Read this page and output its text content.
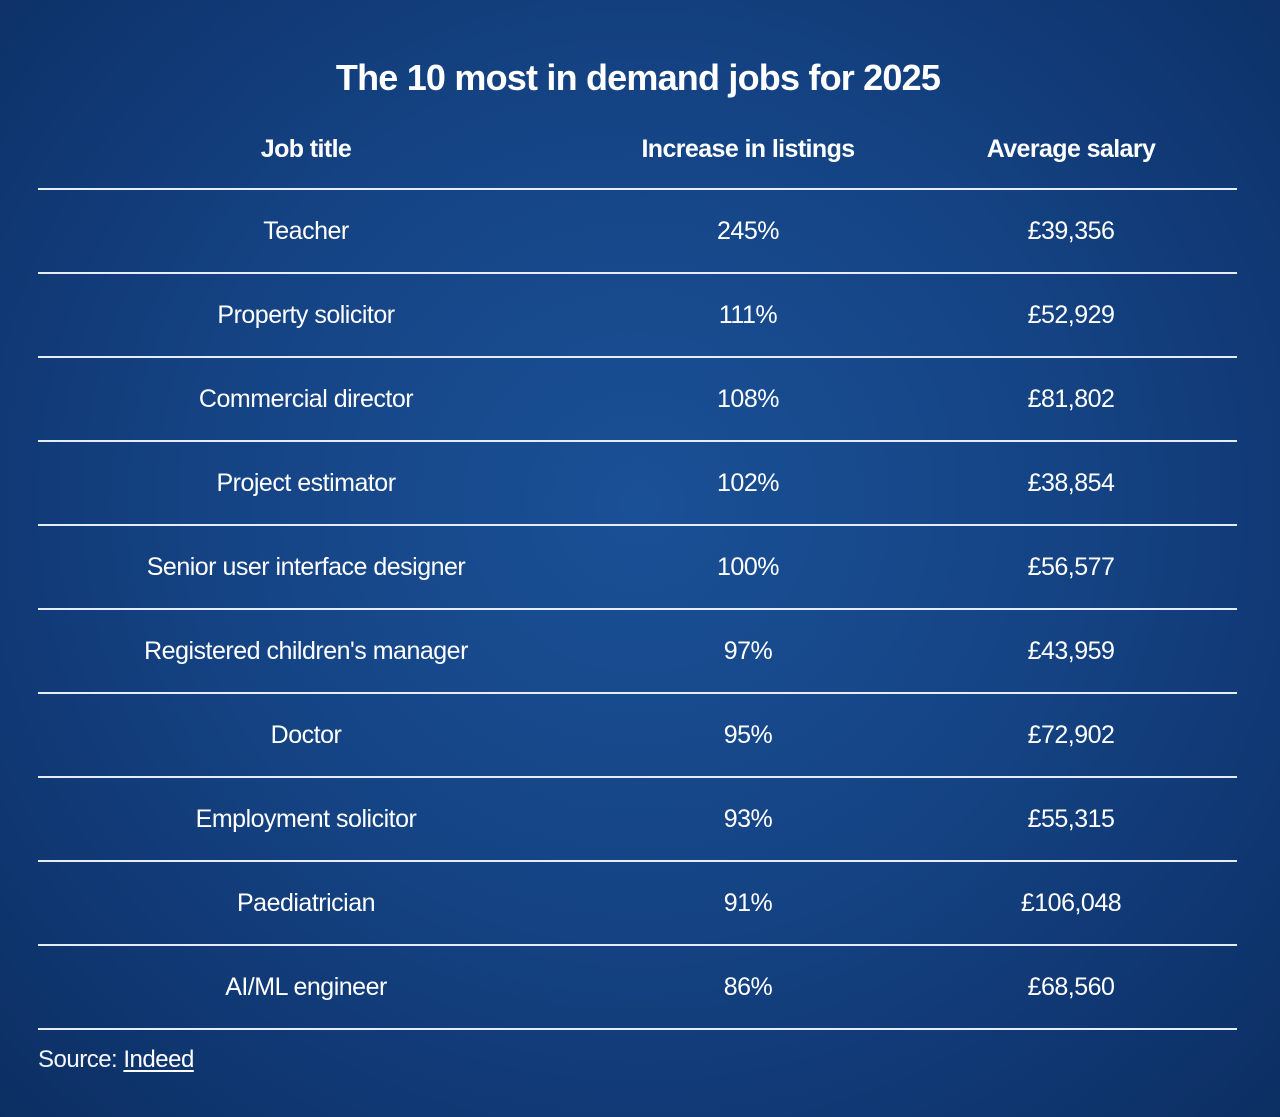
The 10 most in demand jobs for 2025
Job title	Increase in listings	Average salary
Teacher	245%	£39,356
Property solicitor	111%	£52,929
Commercial director	108%	£81,802
Project estimator	102%	£38,854
Senior user interface designer	100%	£56,577
Registered children's manager	97%	£43,959
Doctor	95%	£72,902
Employment solicitor	93%	£55,315
Paediatrician	91%	£106,048
AI/ML engineer	86%	£68,560
Source: Indeed
